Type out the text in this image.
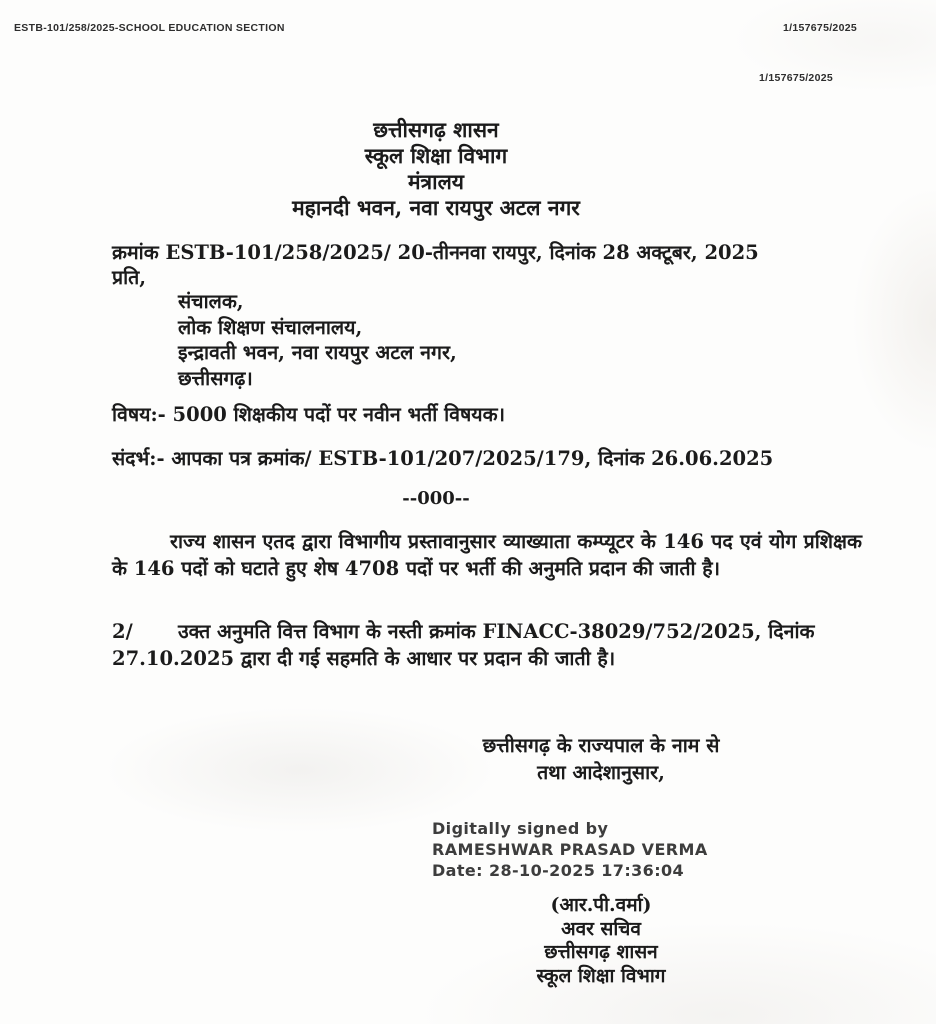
ESTB-101/258/2025-SCHOOL EDUCATION SECTION	1/157675/2025
1/157675/2025
छत्तीसगढ़ शासन
स्कूल शिक्षा विभाग
मंत्रालय
महानदी भवन, नवा रायपुर अटल नगर
क्रमांक ESTB-101/258/2025/ 20-तीन नवा रायपुर, दिनांक 28 अक्टूबर, 2025
प्रति,
संचालक,
लोक शिक्षण संचालनालय,
इन्द्रावती भवन, नवा रायपुर अटल नगर,
छत्तीसगढ़।
विषय:- 5000 शिक्षकीय पदों पर नवीन भर्ती विषयक।
संदर्भ:- आपका पत्र क्रमांक/ ESTB-101/207/2025/179, दिनांक 26.06.2025
--000--
राज्य शासन एतद द्वारा विभागीय प्रस्तावानुसार व्याख्याता कम्प्यूटर के 146 पद एवं योग प्रशिक्षक के 146 पदों को घटाते हुए शेष 4708 पदों पर भर्ती की अनुमति प्रदान की जाती है।
2/ उक्त अनुमति वित्त विभाग के नस्ती क्रमांक FINACC-38029/752/2025, दिनांक 27.10.2025 द्वारा दी गई सहमति के आधार पर प्रदान की जाती है।
छत्तीसगढ़ के राज्यपाल के नाम से
तथा आदेशानुसार,
Digitally signed by
RAMESHWAR PRASAD VERMA
Date: 28-10-2025 17:36:04
(आर.पी.वर्मा)
अवर सचिव
छत्तीसगढ़ शासन
स्कूल शिक्षा विभाग
